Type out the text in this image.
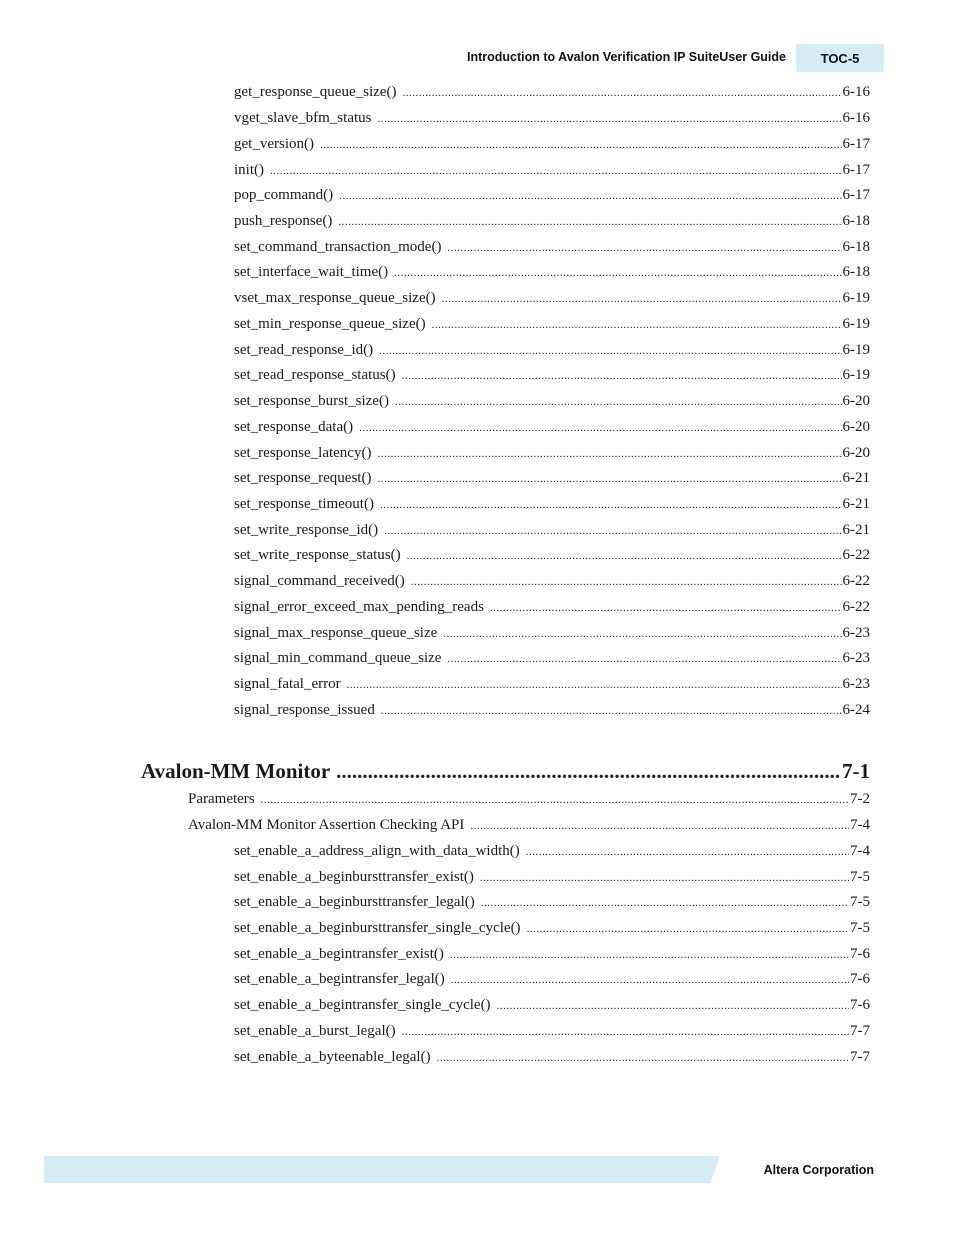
Introduction to Avalon Verification IP SuiteUser Guide	TOC-5
get_response_queue_size() .....	6-16
vget_slave_bfm_status .....	6-16
get_version() .....	6-17
init() .....	6-17
pop_command() .....	6-17
push_response() .....	6-18
set_command_transaction_mode() .....	6-18
set_interface_wait_time() .....	6-18
vset_max_response_queue_size() .....	6-19
set_min_response_queue_size() .....	6-19
set_read_response_id() .....	6-19
set_read_response_status() .....	6-19
set_response_burst_size() .....	6-20
set_response_data() .....	6-20
set_response_latency() .....	6-20
set_response_request() .....	6-21
set_response_timeout() .....	6-21
set_write_response_id() .....	6-21
set_write_response_status() .....	6-22
signal_command_received() .....	6-22
signal_error_exceed_max_pending_reads .....	6-22
signal_max_response_queue_size .....	6-23
signal_min_command_queue_size .....	6-23
signal_fatal_error .....	6-23
signal_response_issued .....	6-24
Avalon-MM Monitor .....	7-1
Parameters .....	7-2
Avalon-MM Monitor Assertion Checking API .....	7-4
set_enable_a_address_align_with_data_width() .....	7-4
set_enable_a_beginbursttransfer_exist() .....	7-5
set_enable_a_beginbursttransfer_legal() .....	7-5
set_enable_a_beginbursttransfer_single_cycle() .....	7-5
set_enable_a_begintransfer_exist() .....	7-6
set_enable_a_begintransfer_legal() .....	7-6
set_enable_a_begintransfer_single_cycle() .....	7-6
set_enable_a_burst_legal() .....	7-7
set_enable_a_byteenable_legal() .....	7-7
Altera Corporation
